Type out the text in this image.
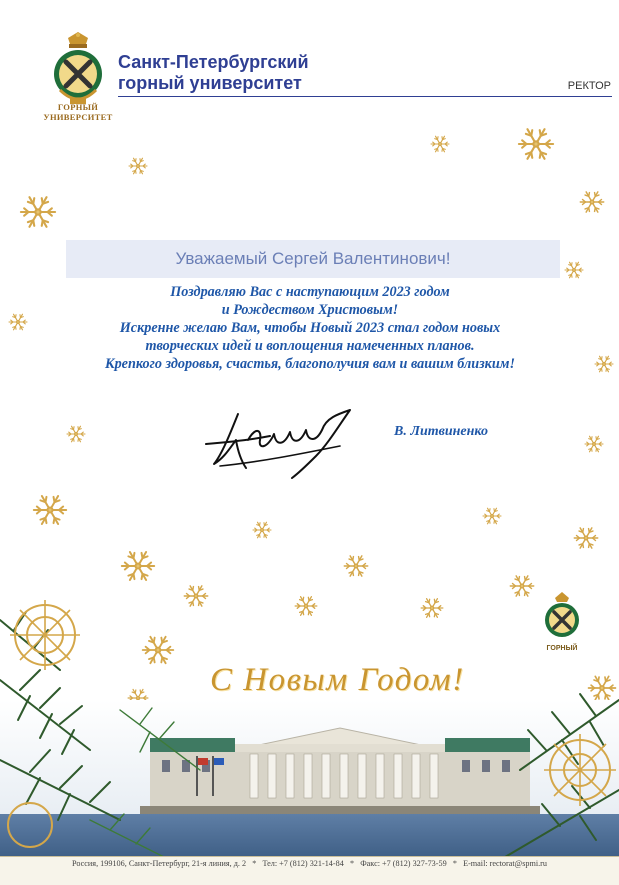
ГОРНЫЙ
УНИВЕРСИТЕТ
Санкт-Петербургский
горный университет	РЕКТОР
Уважаемый Сергей Валентинович!
Поздравляю Вас с наступающим 2023 годом
и Рождеством Христовым!
Искренне желаю Вам, чтобы Новый 2023 стал годом новых
творческих идей и воплощения намеченных планов.
Крепкого здоровья, счастья, благополучия вам и вашим близким!
В. Литвиненко
С Новым Годом!
ГОРНЫЙ
Россия, 199106, Санкт-Петербург, 21-я линия, д. 2 * Тел: +7 (812) 321-14-84 * Факс: +7 (812) 327-73-59 * E-mail: rectorat@spmi.ru
